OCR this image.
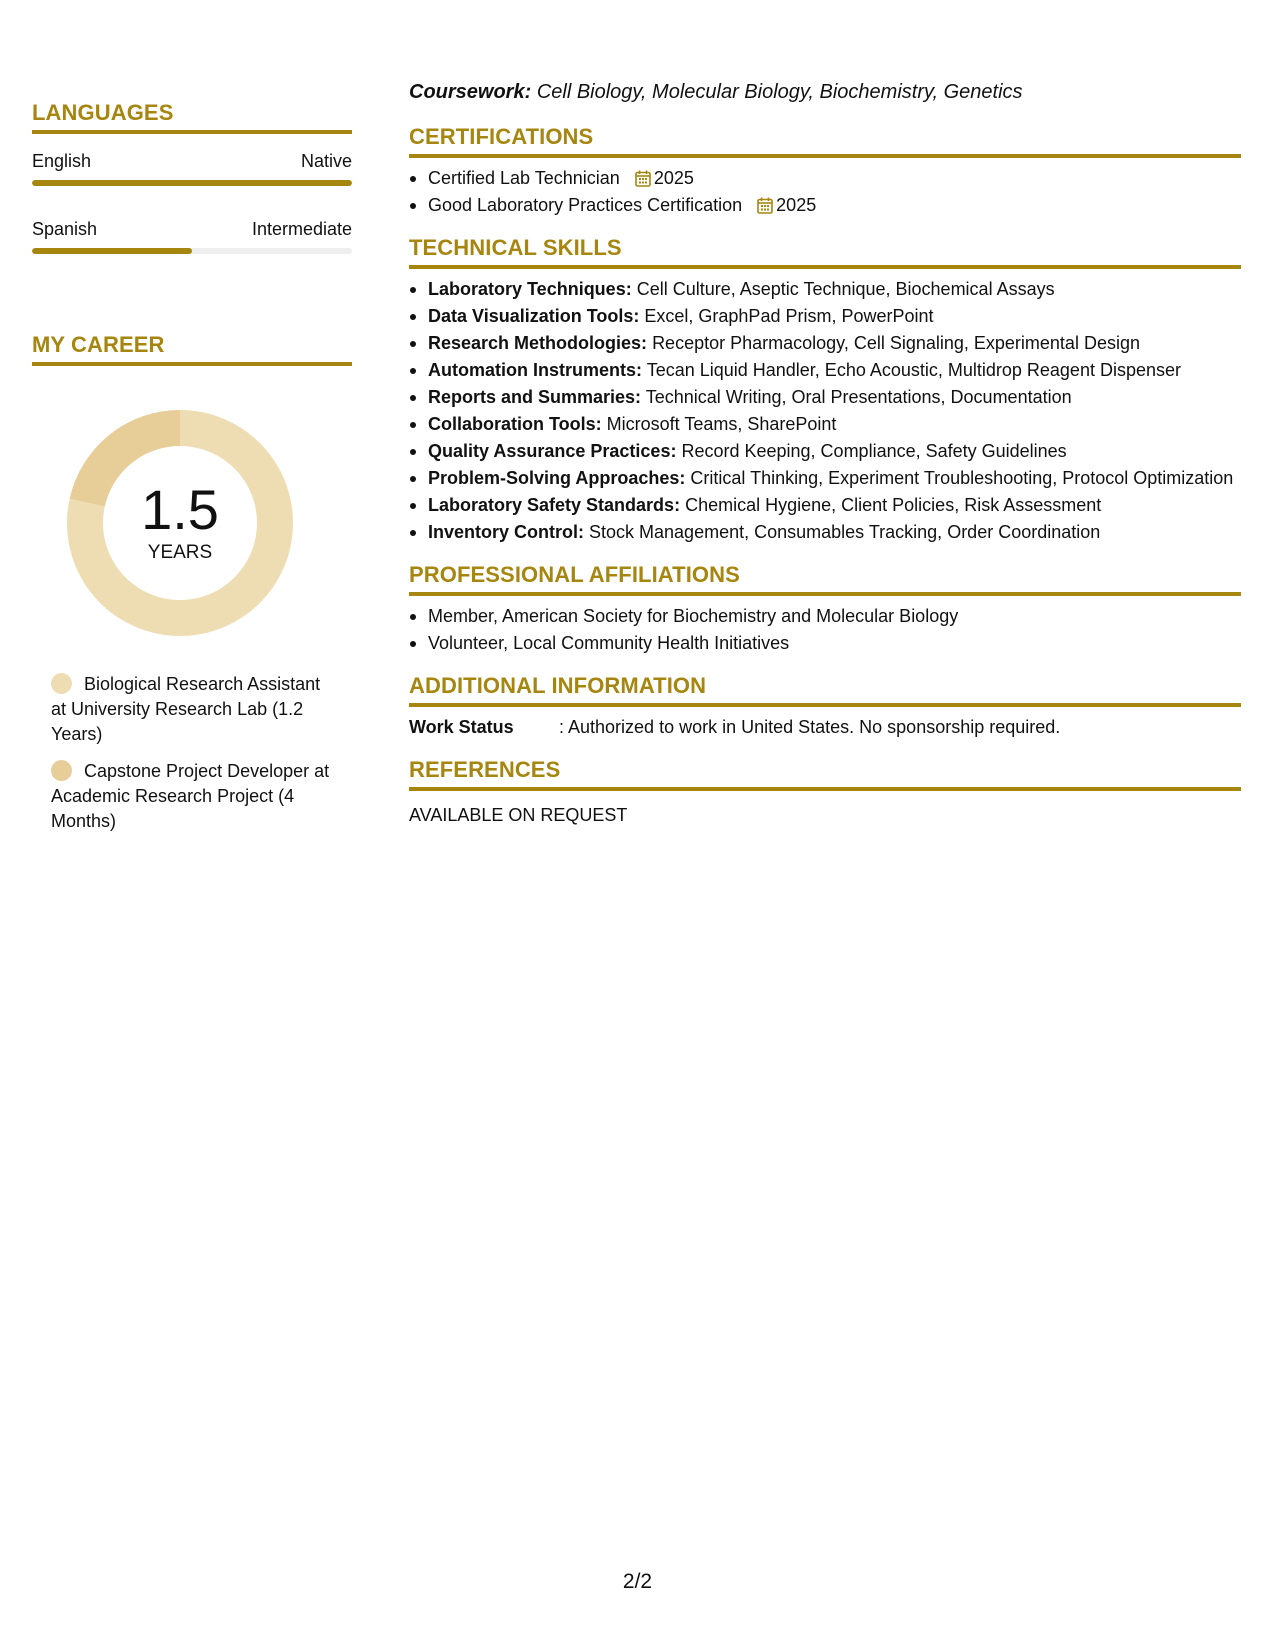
LANGUAGES
English	Native
Spanish	Intermediate
MY CAREER
1.5
YEARS
Biological Research Assistant at University Research Lab (1.2 Years)
Capstone Project Developer at Academic Research Project (4 Months)
Coursework: Cell Biology, Molecular Biology, Biochemistry, Genetics
CERTIFICATIONS
Certified Lab Technician 2025
Good Laboratory Practices Certification 2025
TECHNICAL SKILLS
Laboratory Techniques: Cell Culture, Aseptic Technique, Biochemical Assays
Data Visualization Tools: Excel, GraphPad Prism, PowerPoint
Research Methodologies: Receptor Pharmacology, Cell Signaling, Experimental Design
Automation Instruments: Tecan Liquid Handler, Echo Acoustic, Multidrop Reagent Dispenser
Reports and Summaries: Technical Writing, Oral Presentations, Documentation
Collaboration Tools: Microsoft Teams, SharePoint
Quality Assurance Practices: Record Keeping, Compliance, Safety Guidelines
Problem-Solving Approaches: Critical Thinking, Experiment Troubleshooting, Protocol Optimization
Laboratory Safety Standards: Chemical Hygiene, Client Policies, Risk Assessment
Inventory Control: Stock Management, Consumables Tracking, Order Coordination
PROFESSIONAL AFFILIATIONS
Member, American Society for Biochemistry and Molecular Biology
Volunteer, Local Community Health Initiatives
ADDITIONAL INFORMATION
Work Status	: Authorized to work in United States. No sponsorship required.
REFERENCES
AVAILABLE ON REQUEST
2/2
